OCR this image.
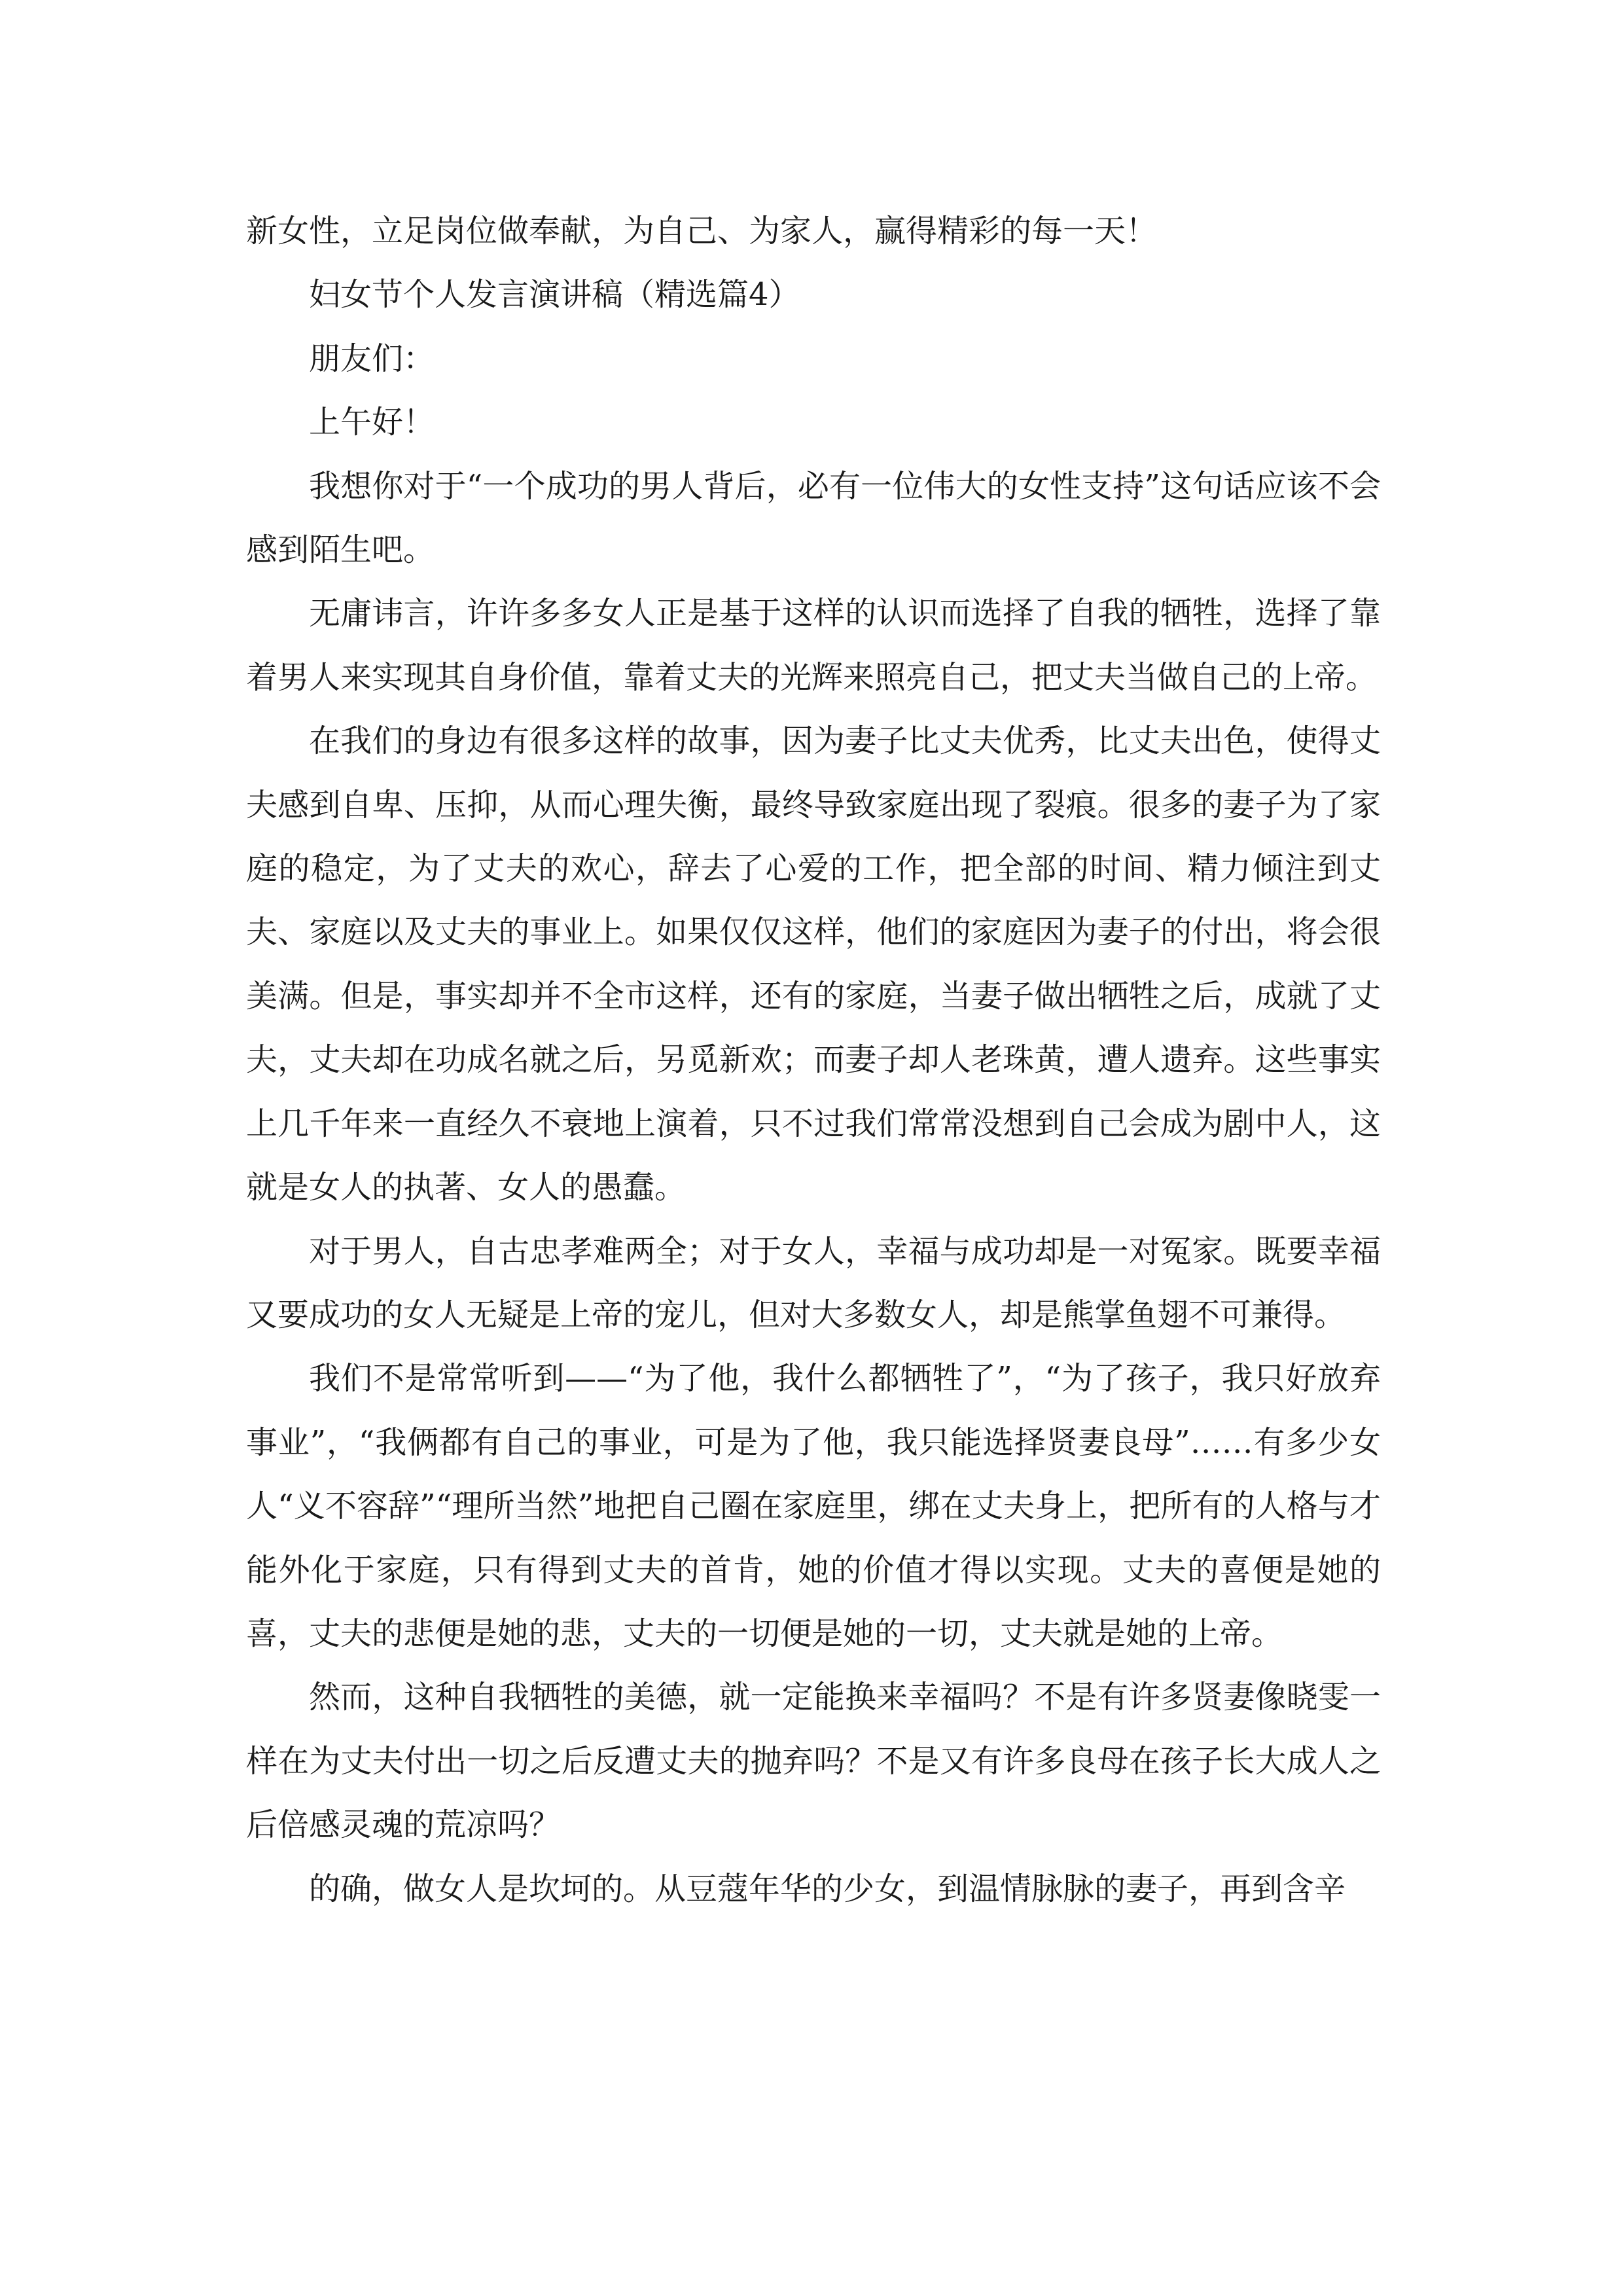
新女性，立足岗位做奉献，为自己、为家人，赢得精彩的每一天！

妇女节个人发言演讲稿（精选篇4）

朋友们：

上午好！

我想你对于“一个成功的男人背后，必有一位伟大的女性支持”这句话应该不会感到陌生吧。

无庸讳言，许许多多女人正是基于这样的认识而选择了自我的牺牲，选择了靠着男人来实现其自身价值，靠着丈夫的光辉来照亮自己，把丈夫当做自己的上帝。

在我们的身边有很多这样的故事，因为妻子比丈夫优秀，比丈夫出色，使得丈夫感到自卑、压抑，从而心理失衡，最终导致家庭出现了裂痕。很多的妻子为了家庭的稳定，为了丈夫的欢心，辞去了心爱的工作，把全部的时间、精力倾注到丈夫、家庭以及丈夫的事业上。如果仅仅这样，他们的家庭因为妻子的付出，将会很美满。但是，事实却并不全市这样，还有的家庭，当妻子做出牺牲之后，成就了丈夫，丈夫却在功成名就之后，另觅新欢；而妻子却人老珠黄，遭人遗弃。这些事实上几千年来一直经久不衰地上演着，只不过我们常常没想到自己会成为剧中人，这就是女人的执著、女人的愚蠢。

对于男人，自古忠孝难两全；对于女人，幸福与成功却是一对冤家。既要幸福又要成功的女人无疑是上帝的宠儿，但对大多数女人，却是熊掌鱼翅不可兼得。

我们不是常常听到——“为了他，我什么都牺牲了”，“为了孩子，我只好放弃事业”，“我俩都有自己的事业，可是为了他，我只能选择贤妻良母”……有多少女人“义不容辞”“理所当然”地把自己圈在家庭里，绑在丈夫身上，把所有的人格与才能外化于家庭，只有得到丈夫的首肯，她的价值才得以实现。丈夫的喜便是她的喜，丈夫的悲便是她的悲，丈夫的一切便是她的一切，丈夫就是她的上帝。

然而，这种自我牺牲的美德，就一定能换来幸福吗？不是有许多贤妻像晓雯一样在为丈夫付出一切之后反遭丈夫的抛弃吗？不是又有许多良母在孩子长大成人之后倍感灵魂的荒凉吗？

的确，做女人是坎坷的。从豆蔻年华的少女，到温情脉脉的妻子，再到含辛
